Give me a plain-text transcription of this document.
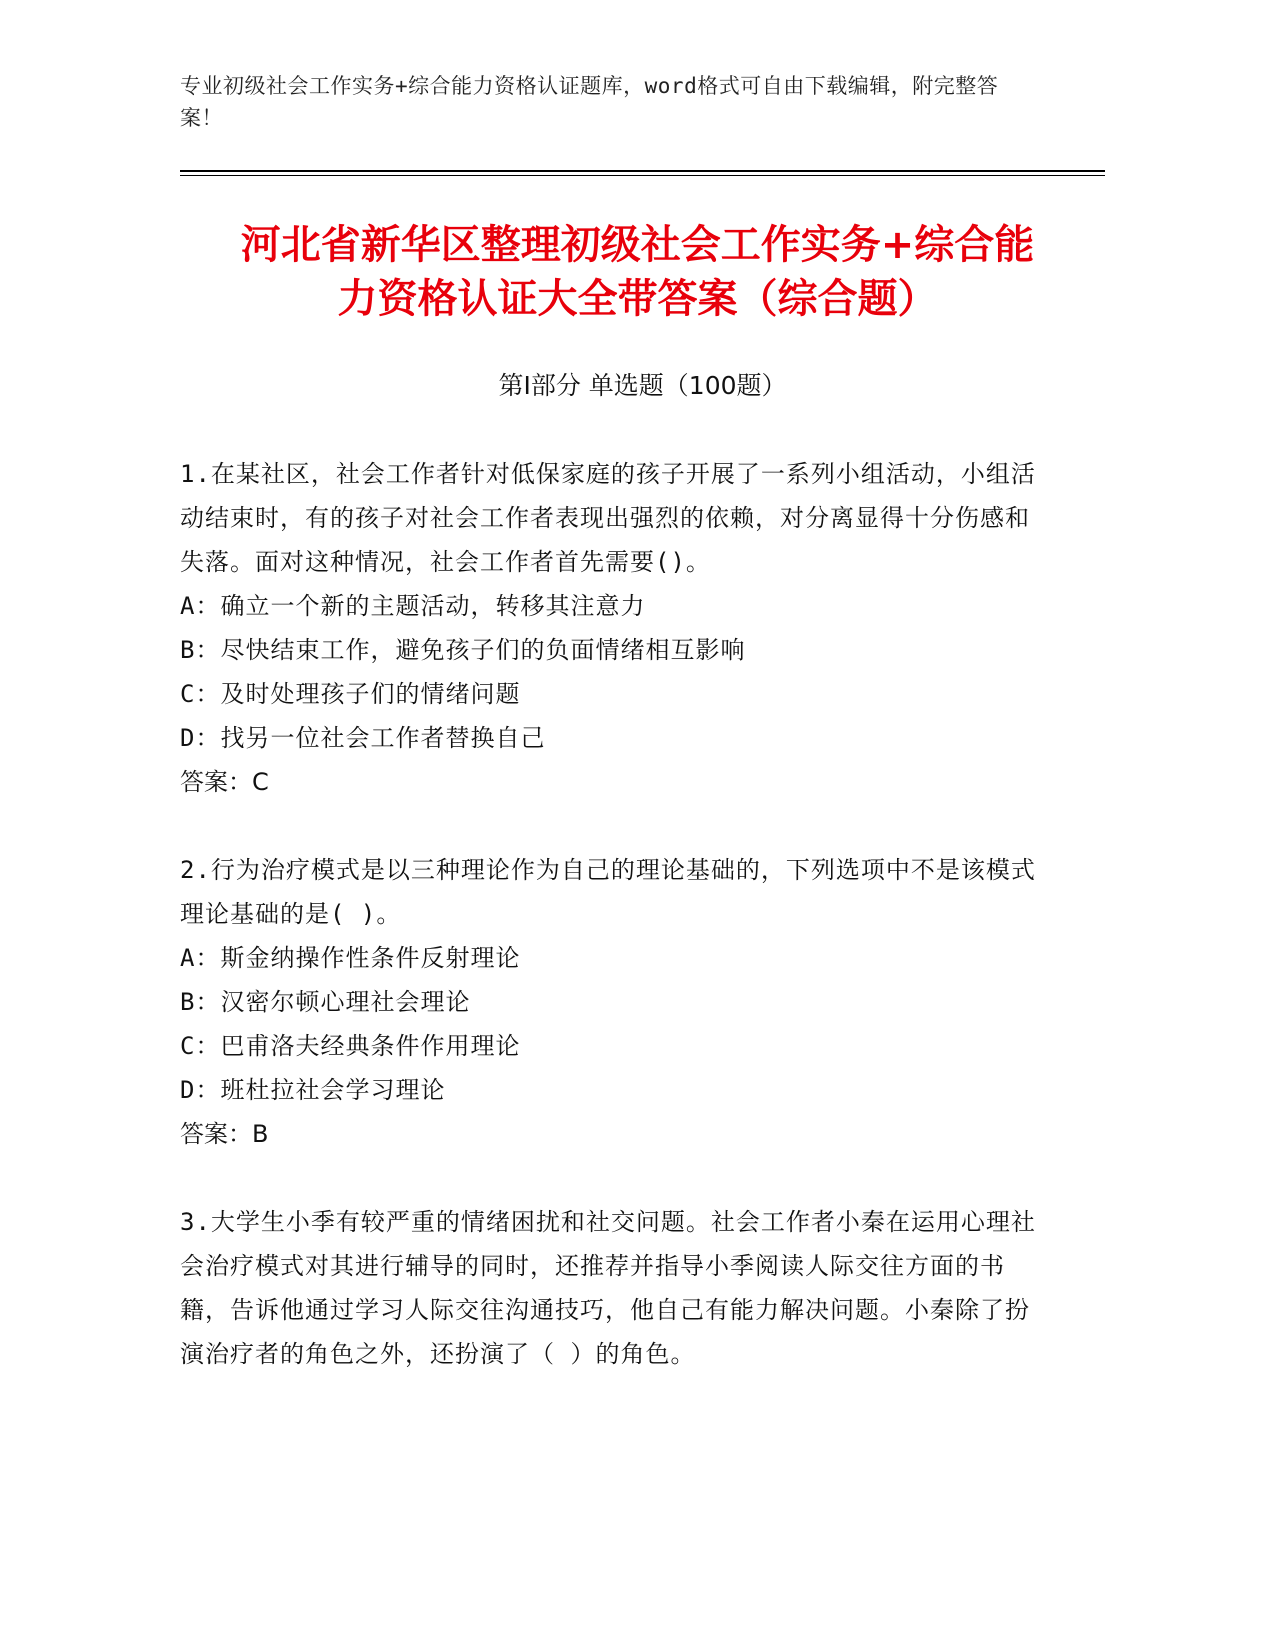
专业初级社会工作实务+综合能力资格认证题库，word格式可自由下载编辑，附完整答案！
河北省新华区整理初级社会工作实务+综合能
力资格认证大全带答案（综合题）
第Ⅰ部分 单选题（100题）
1.在某社区，社会工作者针对低保家庭的孩子开展了一系列小组活动，小组活动结束时，有的孩子对社会工作者表现出强烈的依赖，对分离显得十分伤感和失落。面对这种情况，社会工作者首先需要()。
A：确立一个新的主题活动，转移其注意力
B：尽快结束工作，避免孩子们的负面情绪相互影响
C：及时处理孩子们的情绪问题
D：找另一位社会工作者替换自己
答案：C
2.行为治疗模式是以三种理论作为自己的理论基础的，下列选项中不是该模式理论基础的是( )。
A：斯金纳操作性条件反射理论
B：汉密尔顿心理社会理论
C：巴甫洛夫经典条件作用理论
D：班杜拉社会学习理论
答案：B
3.大学生小季有较严重的情绪困扰和社交问题。社会工作者小秦在运用心理社会治疗模式对其进行辅导的同时，还推荐并指导小季阅读人际交往方面的书籍，告诉他通过学习人际交往沟通技巧，他自己有能力解决问题。小秦除了扮演治疗者的角色之外，还扮演了（ ）的角色。
